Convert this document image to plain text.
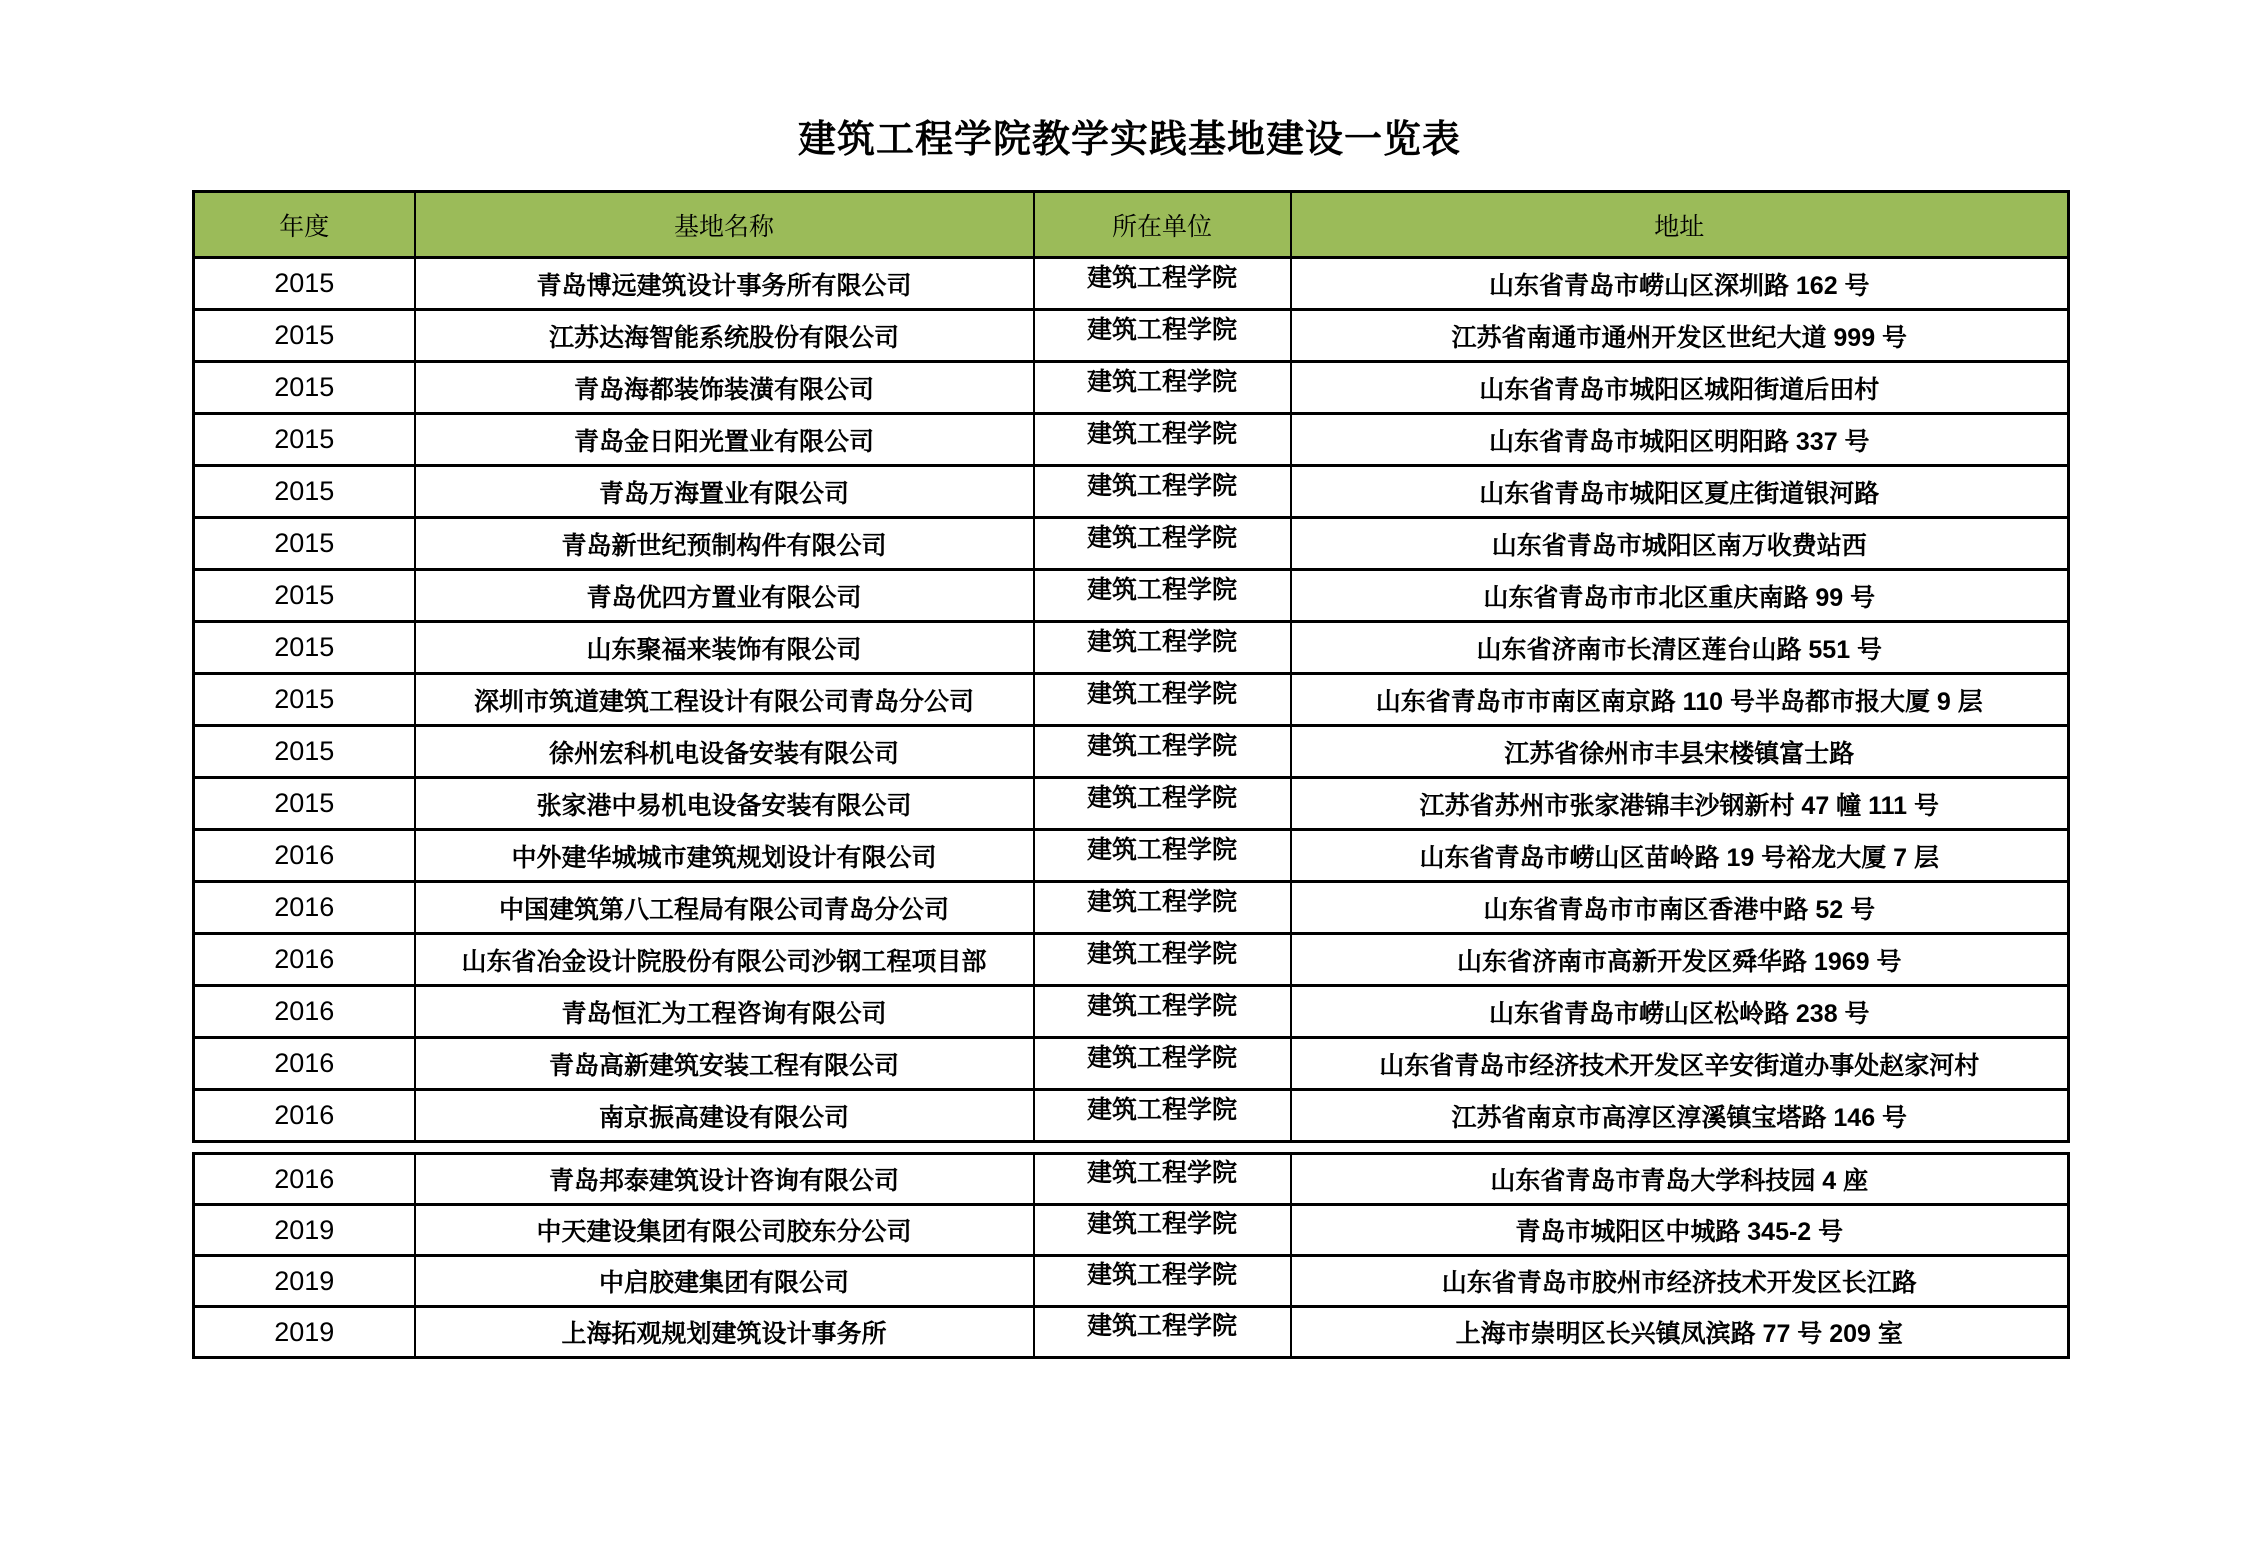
建筑工程学院教学实践基地建设一览表
年度	基地名称	所在单位	地址
2015	青岛博远建筑设计事务所有限公司	建筑工程学院	山东省青岛市崂山区深圳路 162 号
2015	江苏达海智能系统股份有限公司	建筑工程学院	江苏省南通市通州开发区世纪大道 999 号
2015	青岛海都装饰装潢有限公司	建筑工程学院	山东省青岛市城阳区城阳街道后田村
2015	青岛金日阳光置业有限公司	建筑工程学院	山东省青岛市城阳区明阳路 337 号
2015	青岛万海置业有限公司	建筑工程学院	山东省青岛市城阳区夏庄街道银河路
2015	青岛新世纪预制构件有限公司	建筑工程学院	山东省青岛市城阳区南万收费站西
2015	青岛优四方置业有限公司	建筑工程学院	山东省青岛市市北区重庆南路 99 号
2015	山东聚福来装饰有限公司	建筑工程学院	山东省济南市长清区莲台山路 551 号
2015	深圳市筑道建筑工程设计有限公司青岛分公司	建筑工程学院	山东省青岛市市南区南京路 110 号半岛都市报大厦 9 层
2015	徐州宏科机电设备安装有限公司	建筑工程学院	江苏省徐州市丰县宋楼镇富士路
2015	张家港中易机电设备安装有限公司	建筑工程学院	江苏省苏州市张家港锦丰沙钢新村 47 幢 111 号
2016	中外建华城城市建筑规划设计有限公司	建筑工程学院	山东省青岛市崂山区苗岭路 19 号裕龙大厦 7 层
2016	中国建筑第八工程局有限公司青岛分公司	建筑工程学院	山东省青岛市市南区香港中路 52 号
2016	山东省冶金设计院股份有限公司沙钢工程项目部	建筑工程学院	山东省济南市高新开发区舜华路 1969 号
2016	青岛恒汇为工程咨询有限公司	建筑工程学院	山东省青岛市崂山区松岭路 238 号
2016	青岛高新建筑安装工程有限公司	建筑工程学院	山东省青岛市经济技术开发区辛安街道办事处赵家河村
2016	南京振高建设有限公司	建筑工程学院	江苏省南京市高淳区淳溪镇宝塔路 146 号
2016	青岛邦泰建筑设计咨询有限公司	建筑工程学院	山东省青岛市青岛大学科技园 4 座
2019	中天建设集团有限公司胶东分公司	建筑工程学院	青岛市城阳区中城路 345-2 号
2019	中启胶建集团有限公司	建筑工程学院	山东省青岛市胶州市经济技术开发区长江路
2019	上海拓观规划建筑设计事务所	建筑工程学院	上海市崇明区长兴镇凤滨路 77 号 209 室
